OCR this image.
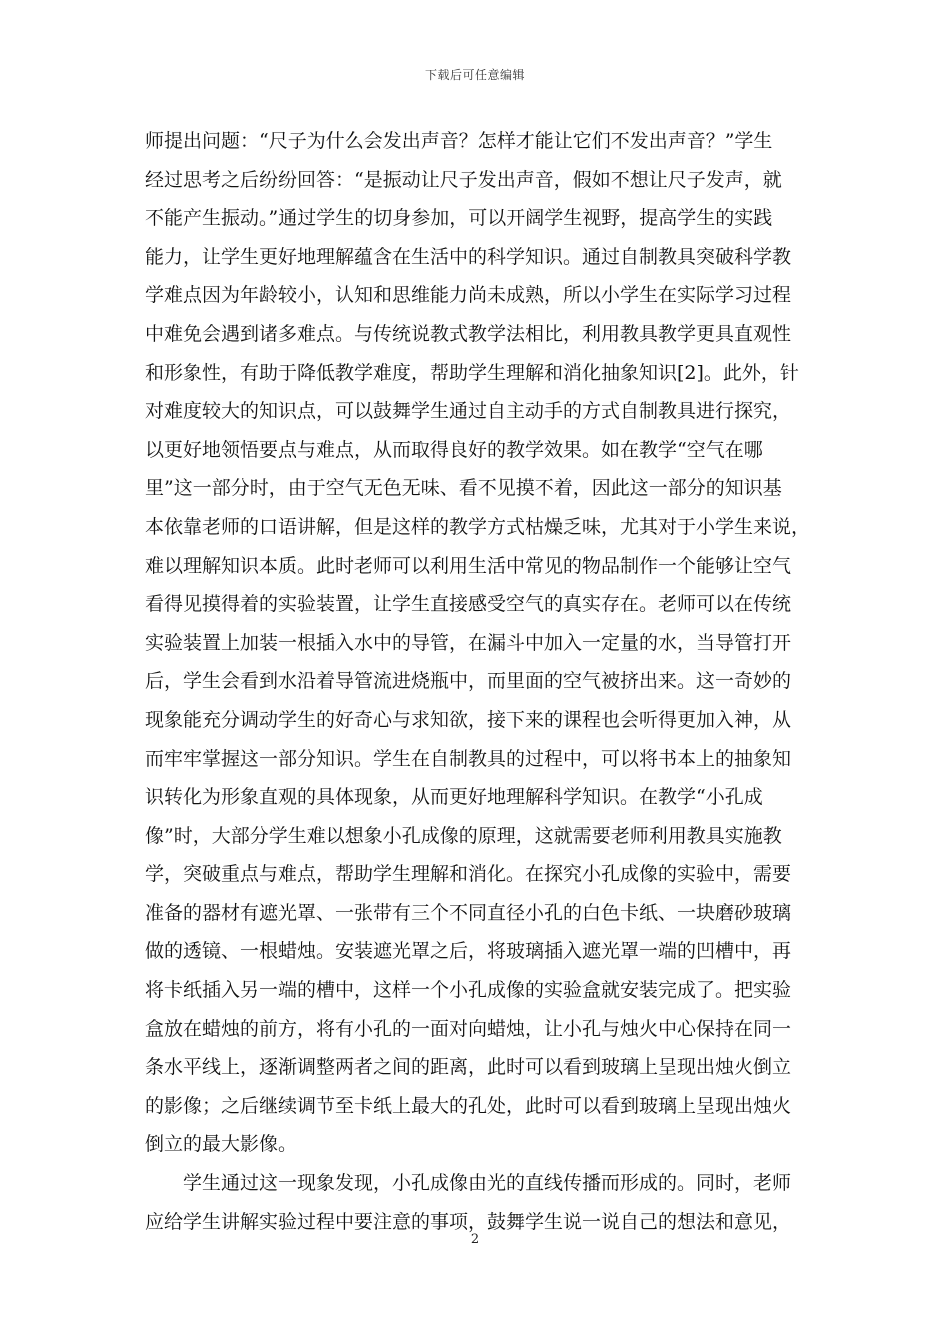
下载后可任意编辑
师提出问题：“尺子为什么会发出声音？怎样才能让它们不发出声音？”学生
经过思考之后纷纷回答：“是振动让尺子发出声音，假如不想让尺子发声，就
不能产生振动。”通过学生的切身参加，可以开阔学生视野，提高学生的实践
能力，让学生更好地理解蕴含在生活中的科学知识。通过自制教具突破科学教
学难点因为年龄较小，认知和思维能力尚未成熟，所以小学生在实际学习过程
中难免会遇到诸多难点。与传统说教式教学法相比，利用教具教学更具直观性
和形象性，有助于降低教学难度，帮助学生理解和消化抽象知识[2]。此外，针
对难度较大的知识点，可以鼓舞学生通过自主动手的方式自制教具进行探究，
以更好地领悟要点与难点，从而取得良好的教学效果。如在教学“空气在哪
里”这一部分时，由于空气无色无味、看不见摸不着，因此这一部分的知识基
本依靠老师的口语讲解，但是这样的教学方式枯燥乏味，尤其对于小学生来说，
难以理解知识本质。此时老师可以利用生活中常见的物品制作一个能够让空气
看得见摸得着的实验装置，让学生直接感受空气的真实存在。老师可以在传统
实验装置上加装一根插入水中的导管，在漏斗中加入一定量的水，当导管打开
后，学生会看到水沿着导管流进烧瓶中，而里面的空气被挤出来。这一奇妙的
现象能充分调动学生的好奇心与求知欲，接下来的课程也会听得更加入神，从
而牢牢掌握这一部分知识。学生在自制教具的过程中，可以将书本上的抽象知
识转化为形象直观的具体现象，从而更好地理解科学知识。在教学“小孔成
像”时，大部分学生难以想象小孔成像的原理，这就需要老师利用教具实施教
学，突破重点与难点，帮助学生理解和消化。在探究小孔成像的实验中，需要
准备的器材有遮光罩、一张带有三个不同直径小孔的白色卡纸、一块磨砂玻璃
做的透镜、一根蜡烛。安装遮光罩之后，将玻璃插入遮光罩一端的凹槽中，再
将卡纸插入另一端的槽中，这样一个小孔成像的实验盒就安装完成了。把实验
盒放在蜡烛的前方，将有小孔的一面对向蜡烛，让小孔与烛火中心保持在同一
条水平线上，逐渐调整两者之间的距离，此时可以看到玻璃上呈现出烛火倒立
的影像；之后继续调节至卡纸上最大的孔处，此时可以看到玻璃上呈现出烛火
倒立的最大影像。
学生通过这一现象发现，小孔成像由光的直线传播而形成的。同时，老师
应给学生讲解实验过程中要注意的事项，鼓舞学生说一说自己的想法和意见，
2
